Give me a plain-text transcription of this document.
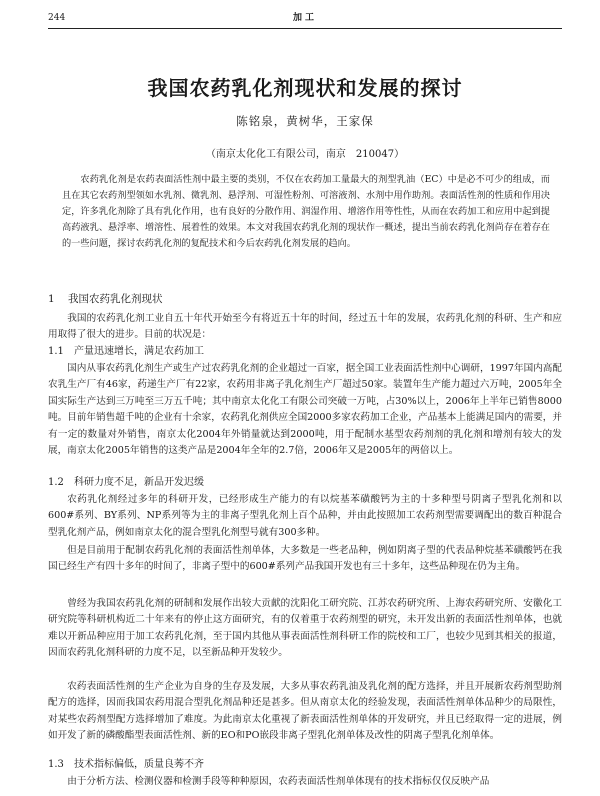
244	加工
我国农药乳化剂现状和发展的探讨
陈铭泉，黄树华，王家保
（南京太化化工有限公司，南京　210047）

农药乳化剂是农药表面活性剂中最主要的类别，不仅在农药加工量最大的剂型乳油（EC）中是必不可少的组成，而且在其它农药剂型领如水乳剂、微乳剂、悬浮剂、可湿性粉剂、可溶液剂、水剂中用作助剂。表面活性剂的性质和作用决定，许多乳化剂除了具有乳化作用，也有良好的分散作用、润湿作用、增溶作用等性性，从而在农药加工和应用中起到提高药液乳、悬浮率、增溶性、展着性的效果。本文对我国农药乳化剂的现状作一概述，提出当前农药乳化剂尚存在着存在的一些问题，探讨农药乳化剂的复配技术和今后农药乳化剂发展的趋向。

1 我国农药乳化剂现状

我国的农药乳化剂工业自五十年代开始至今有将近五十年的时间，经过五十年的发展，农药乳化剂的科研、生产和应用取得了很大的进步。目前的状况是：

1.1 产量迅速增长，满足农药加工

国内从事农药乳化剂生产或生产过农药乳化剂的企业超过一百家，据全国工业表面活性剂中心调研，1997年国内高配农乳生产厂有46家，药递生产厂有22家，农药用非离子乳化剂生产厂超过50家。装置年生产能力超过六万吨，2005年全国实际生产达到三万吨至三万五千吨；其中南京太化化工有限公司突破一万吨，占30%以上，2006年上半年已销售8000吨。目前年销售超千吨的企业有十余家，农药乳化剂供应全国2000多家农药加工企业，产品基本上能满足国内的需要，并有一定的数量对外销售，南京太化2004年外销量就达到2000吨，用于配制水基型农药剂剂的乳化剂和增剂有较大的发展，南京太化2005年销售的这类产品是2004年全年的2.7倍，2006年又是2005年的两倍以上。

1.2 科研力度不足，新品开发迟缓

农药乳化剂经过多年的科研开发，已经形成生产能力的有以烷基苯磺酸钙为主的十多种型号阴离子型乳化剂和以600#系列、BY系列、NP系列等为主的非离子型乳化剂上百个品种，并由此按照加工农药剂型需要调配出的数百种混合型乳化剂产品，例如南京太化的混合型乳化剂型号就有300多种。

但是目前用于配制农药乳化剂的表面活性剂单体，大多数是一些老品种，例如阴离子型的代表品种烷基苯磺酸钙在我国已经生产有四十多年的时间了，非离子型中的600#系列产品我国开发也有三十多年，这些品种现在仍为主角。

曾经为我国农药乳化剂的研制和发展作出较大贡献的沈阳化工研究院、江苏农药研究所、上海农药研究所、安徽化工研究院等科研机构近二十年来有的停止这方面研究，有的仅着重于农药剂型的研究，未开发出新的表面活性剂单体，也就难以开新品种应用于加工农药乳化剂，至于国内其他从事表面活性剂科研工作的院校和工厂，也较少见到其相关的报道，因而农药乳化剂科研的力度不足，以至新品种开发较少。

农药表面活性剂的生产企业为自身的生存及发展，大多从事农药乳油及乳化剂的配方选择，并且开展新农药剂型助剂配方的选择，因而我国农药用混合型乳化剂品种还是甚多。但从南京太化的经验发现，表面活性剂单体品种少的局限性，对某些农药剂型配方选择增加了难度。为此南京太化重视了新表面活性剂单体的开发研究，并且已经取得一定的进展，例如开发了新的磷酸酯型表面活性剂、新的EO和PO嵌段非离子型乳化剂单体及改性的阴离子型乳化剂单体。

1.3 技术指标偏低，质量良莠不齐

由于分析方法、检测仪器和检测手段等种种原因，农药表面活性剂单体现有的技术指标仅仅反映产品
